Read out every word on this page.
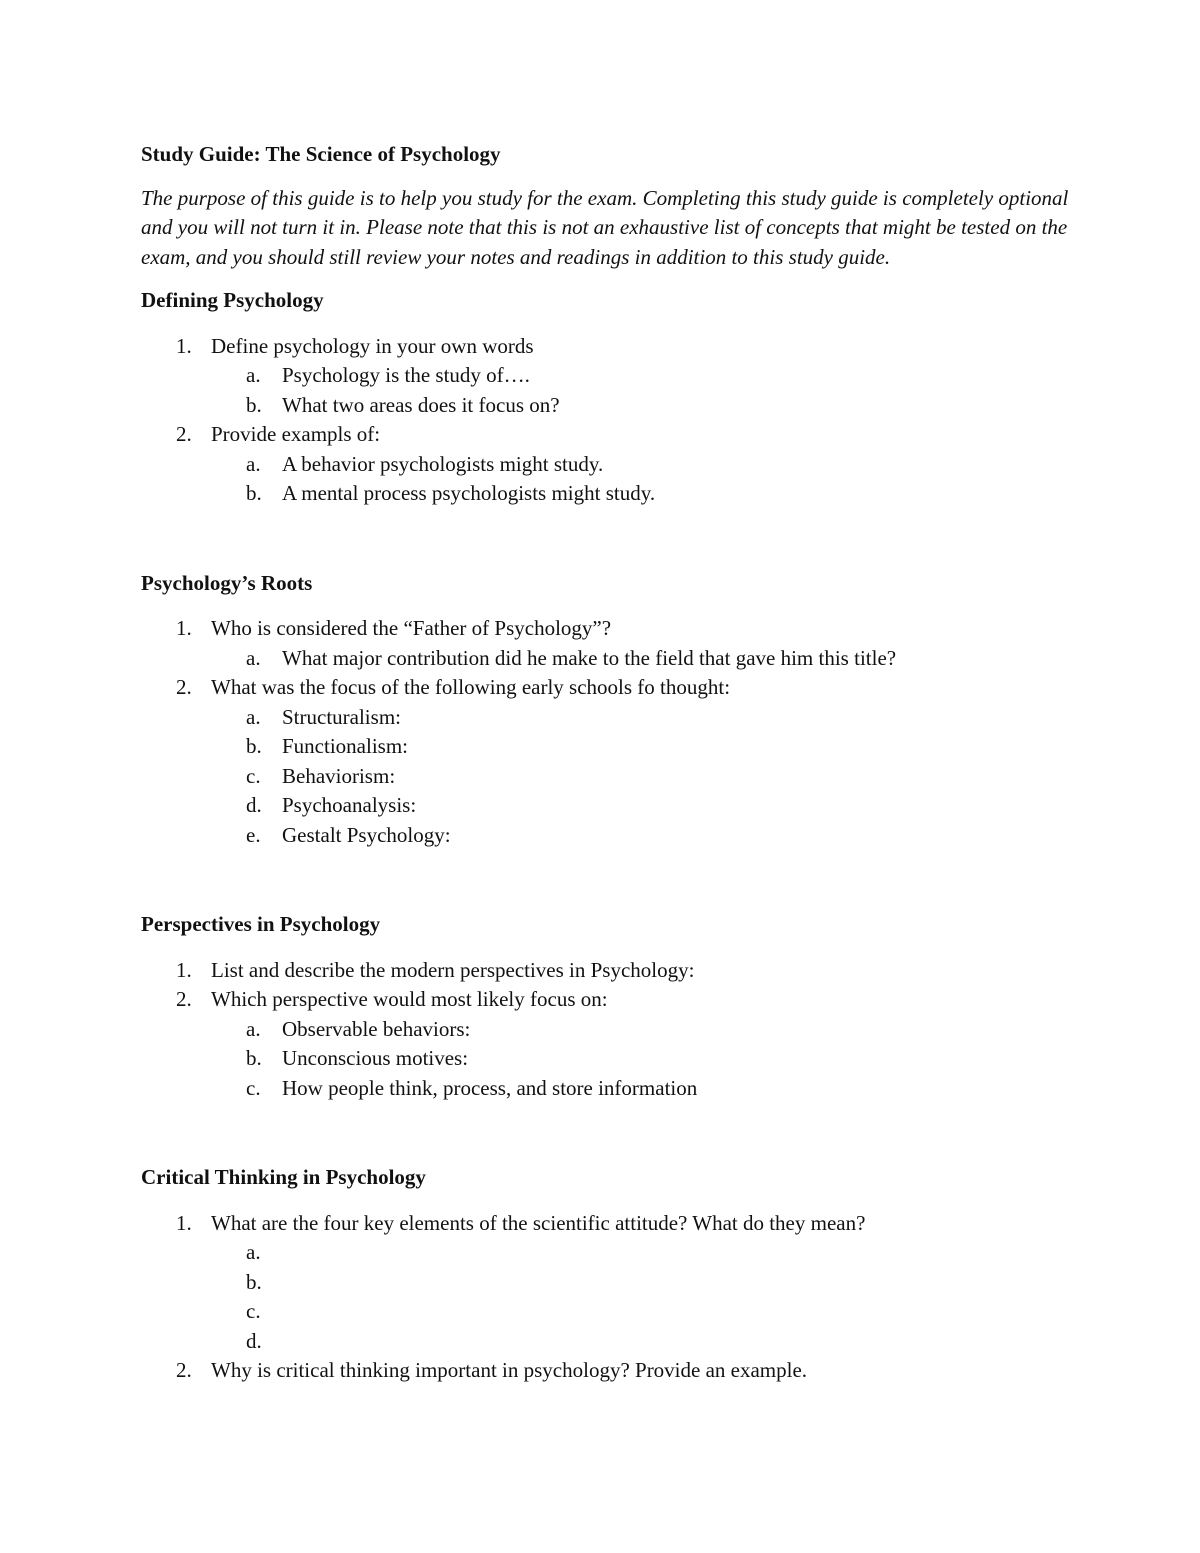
Study Guide: The Science of Psychology

The purpose of this guide is to help you study for the exam. Completing this study guide is completely optional and you will not turn it in. Please note that this is not an exhaustive list of concepts that might be tested on the exam, and you should still review your notes and readings in addition to this study guide.

Defining Psychology

1. Define psychology in your own words
a. Psychology is the study of….
b. What two areas does it focus on?
2. Provide exampls of:
a. A behavior psychologists might study.
b. A mental process psychologists might study.

Psychology’s Roots

1. Who is considered the “Father of Psychology”?
a. What major contribution did he make to the field that gave him this title?
2. What was the focus of the following early schools fo thought:
a. Structuralism:
b. Functionalism:
c. Behaviorism:
d. Psychoanalysis:
e. Gestalt Psychology:

Perspectives in Psychology

1. List and describe the modern perspectives in Psychology:
2. Which perspective would most likely focus on:
a. Observable behaviors:
b. Unconscious motives:
c. How people think, process, and store information

Critical Thinking in Psychology

1. What are the four key elements of the scientific attitude? What do they mean?
a.
b.
c.
d.
2. Why is critical thinking important in psychology? Provide an example.
